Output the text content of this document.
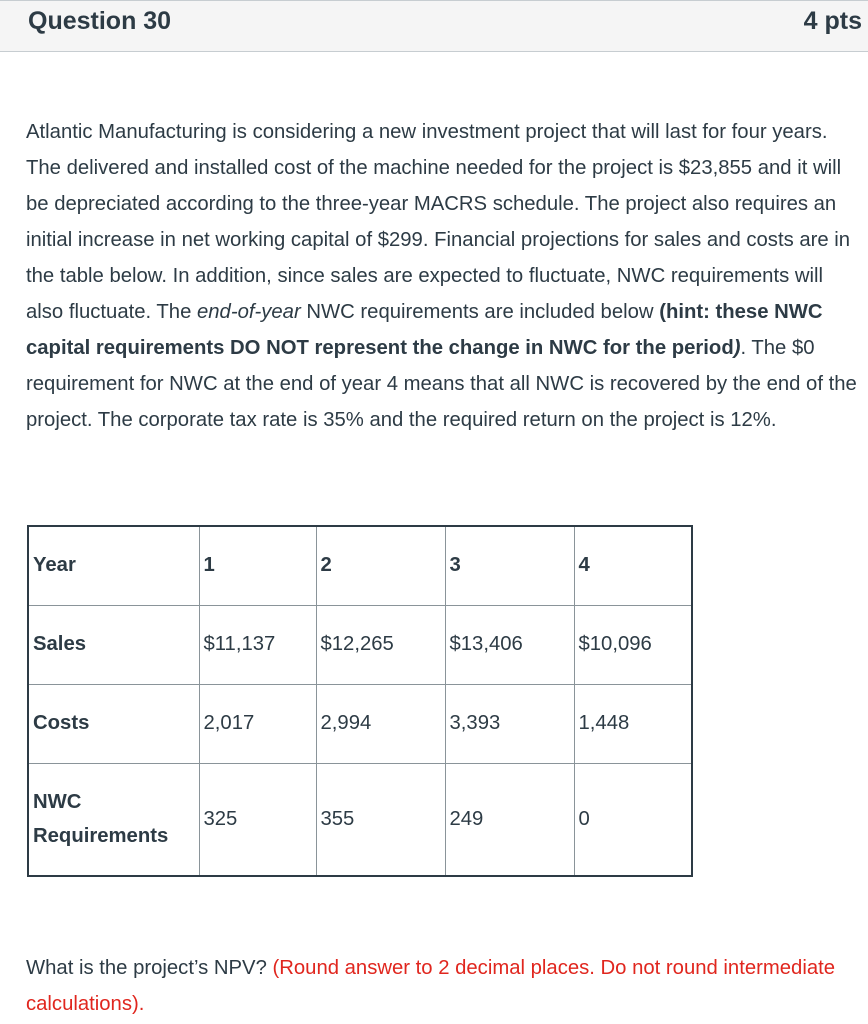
Question 30	4 pts
Atlantic Manufacturing is considering a new investment project that will last for four years. The delivered and installed cost of the machine needed for the project is $23,855 and it will be depreciated according to the three-year MACRS schedule. The project also requires an initial increase in net working capital of $299. Financial projections for sales and costs are in the table below. In addition, since sales are expected to fluctuate, NWC requirements will also fluctuate. The end-of-year NWC requirements are included below (hint: these NWC capital requirements DO NOT represent the change in NWC for the period). The $0 requirement for NWC at the end of year 4 means that all NWC is recovered by the end of the project. The corporate tax rate is 35% and the required return on the project is 12%.
Year	1	2	3	4
Sales	$11,137	$12,265	$13,406	$10,096
Costs	2,017	2,994	3,393	1,448
NWC
Requirements	325	355	249	0
What is the project’s NPV? (Round answer to 2 decimal places. Do not round intermediate calculations).
